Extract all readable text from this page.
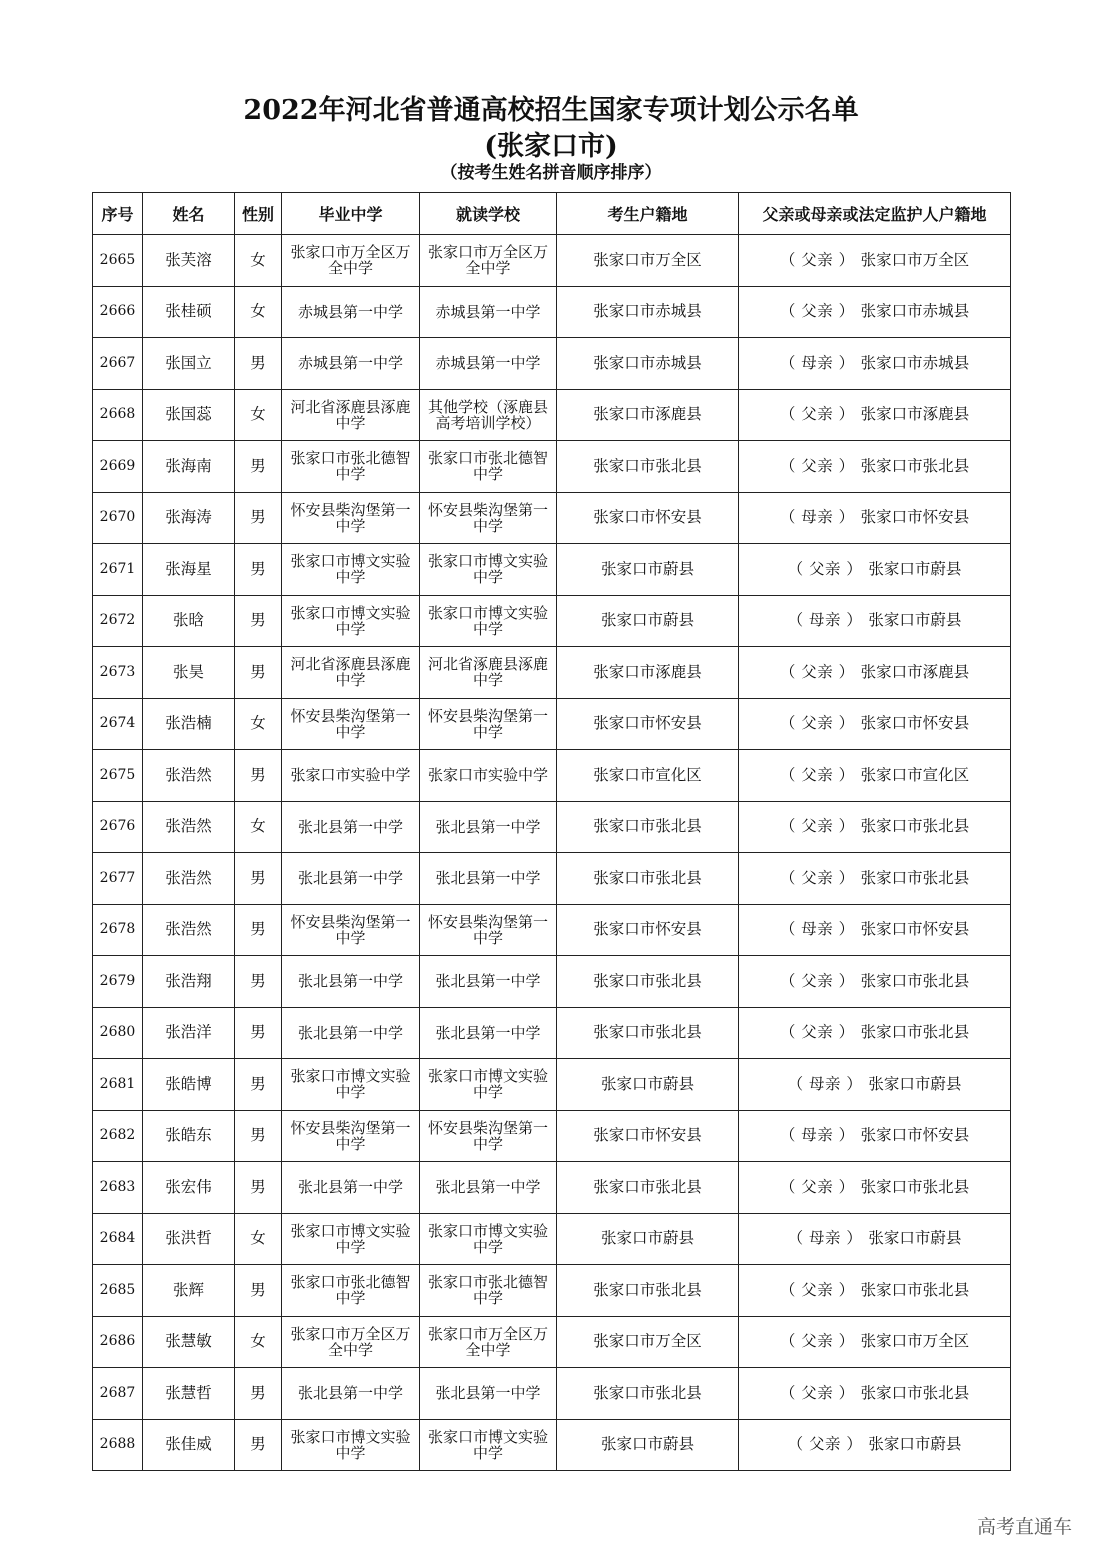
2022年河北省普通高校招生国家专项计划公示名单
(张家口市)
（按考生姓名拼音顺序排序）
序号	姓名	性别	毕业中学	就读学校	考生户籍地	父亲或母亲或法定监护人户籍地
2665	张芙溶	女	张家口市万全区万全中学	张家口市万全区万全中学	张家口市万全区	（ 父亲 ） 张家口市万全区
2666	张桂硕	女	赤城县第一中学	赤城县第一中学	张家口市赤城县	（ 父亲 ） 张家口市赤城县
2667	张国立	男	赤城县第一中学	赤城县第一中学	张家口市赤城县	（ 母亲 ） 张家口市赤城县
2668	张国蕊	女	河北省涿鹿县涿鹿中学	其他学校（涿鹿县高考培训学校）	张家口市涿鹿县	（ 父亲 ） 张家口市涿鹿县
2669	张海南	男	张家口市张北德智中学	张家口市张北德智中学	张家口市张北县	（ 父亲 ） 张家口市张北县
2670	张海涛	男	怀安县柴沟堡第一中学	怀安县柴沟堡第一中学	张家口市怀安县	（ 母亲 ） 张家口市怀安县
2671	张海星	男	张家口市博文实验中学	张家口市博文实验中学	张家口市蔚县	（ 父亲 ） 张家口市蔚县
2672	张晗	男	张家口市博文实验中学	张家口市博文实验中学	张家口市蔚县	（ 母亲 ） 张家口市蔚县
2673	张昊	男	河北省涿鹿县涿鹿中学	河北省涿鹿县涿鹿中学	张家口市涿鹿县	（ 父亲 ） 张家口市涿鹿县
2674	张浩楠	女	怀安县柴沟堡第一中学	怀安县柴沟堡第一中学	张家口市怀安县	（ 父亲 ） 张家口市怀安县
2675	张浩然	男	张家口市实验中学	张家口市实验中学	张家口市宣化区	（ 父亲 ） 张家口市宣化区
2676	张浩然	女	张北县第一中学	张北县第一中学	张家口市张北县	（ 父亲 ） 张家口市张北县
2677	张浩然	男	张北县第一中学	张北县第一中学	张家口市张北县	（ 父亲 ） 张家口市张北县
2678	张浩然	男	怀安县柴沟堡第一中学	怀安县柴沟堡第一中学	张家口市怀安县	（ 母亲 ） 张家口市怀安县
2679	张浩翔	男	张北县第一中学	张北县第一中学	张家口市张北县	（ 父亲 ） 张家口市张北县
2680	张浩洋	男	张北县第一中学	张北县第一中学	张家口市张北县	（ 父亲 ） 张家口市张北县
2681	张皓博	男	张家口市博文实验中学	张家口市博文实验中学	张家口市蔚县	（ 母亲 ） 张家口市蔚县
2682	张皓东	男	怀安县柴沟堡第一中学	怀安县柴沟堡第一中学	张家口市怀安县	（ 母亲 ） 张家口市怀安县
2683	张宏伟	男	张北县第一中学	张北县第一中学	张家口市张北县	（ 父亲 ） 张家口市张北县
2684	张洪哲	女	张家口市博文实验中学	张家口市博文实验中学	张家口市蔚县	（ 母亲 ） 张家口市蔚县
2685	张辉	男	张家口市张北德智中学	张家口市张北德智中学	张家口市张北县	（ 父亲 ） 张家口市张北县
2686	张慧敏	女	张家口市万全区万全中学	张家口市万全区万全中学	张家口市万全区	（ 父亲 ） 张家口市万全区
2687	张慧哲	男	张北县第一中学	张北县第一中学	张家口市张北县	（ 父亲 ） 张家口市张北县
2688	张佳威	男	张家口市博文实验中学	张家口市博文实验中学	张家口市蔚县	（ 父亲 ） 张家口市蔚县
高考直通车
